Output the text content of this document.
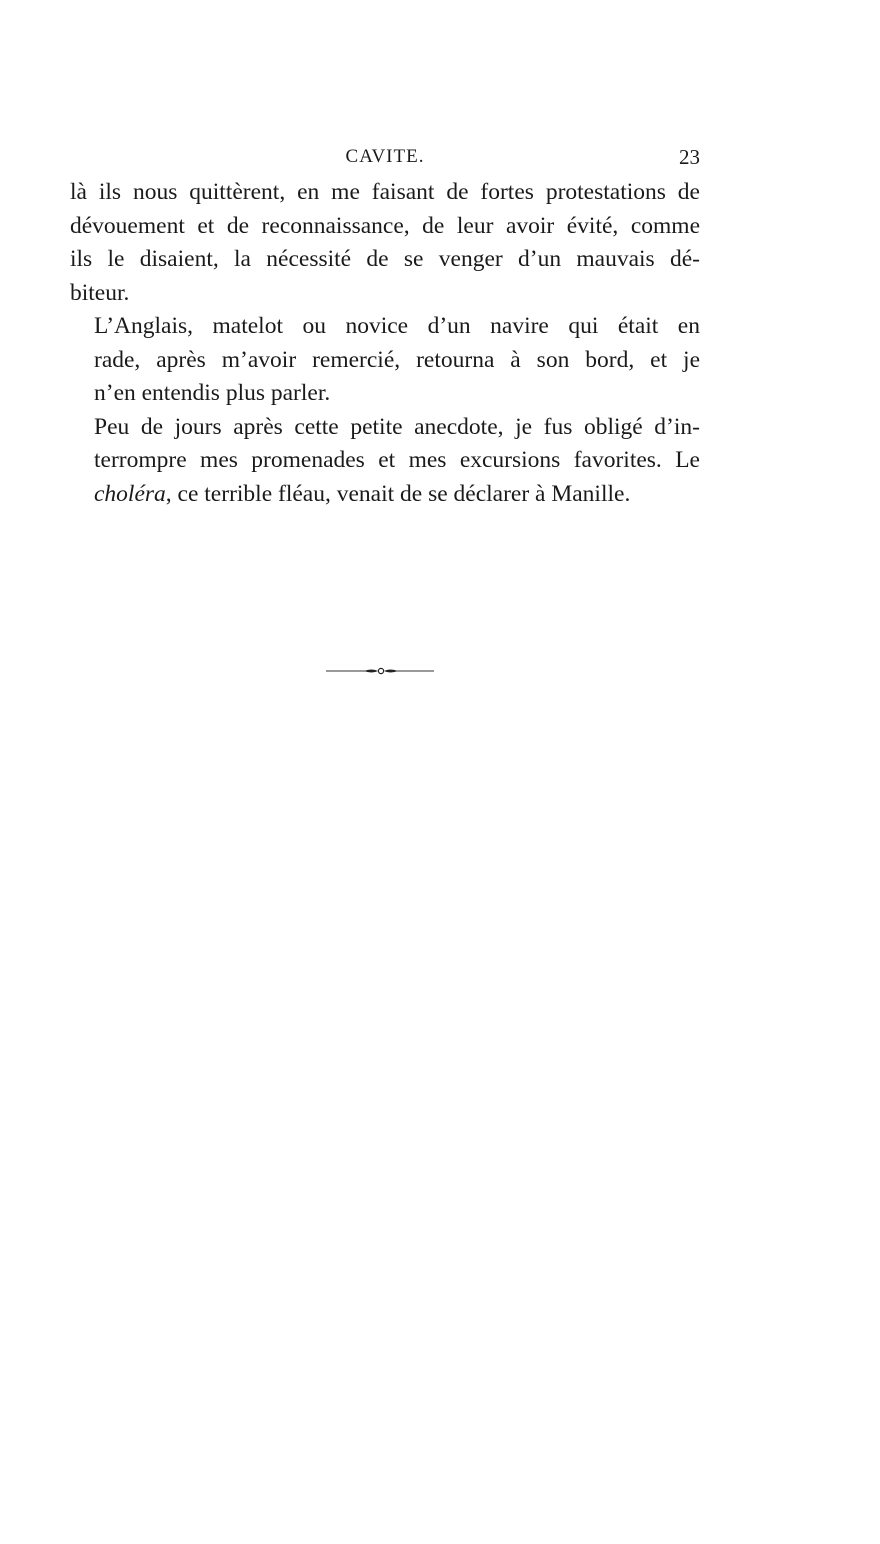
CAVITE.	23

là ils nous quittèrent, en me faisant de fortes protestations de
dévouement et de reconnaissance, de leur avoir évité, comme
ils le disaient, la nécessité de se venger d’un mauvais dé-
biteur.

L’Anglais, matelot ou novice d’un navire qui était en
rade, après m’avoir remercié, retourna à son bord, et je
n’en entendis plus parler.

Peu de jours après cette petite anecdote, je fus obligé d’in-
terrompre mes promenades et mes excursions favorites. Le
choléra, ce terrible fléau, venait de se déclarer à Manille.
